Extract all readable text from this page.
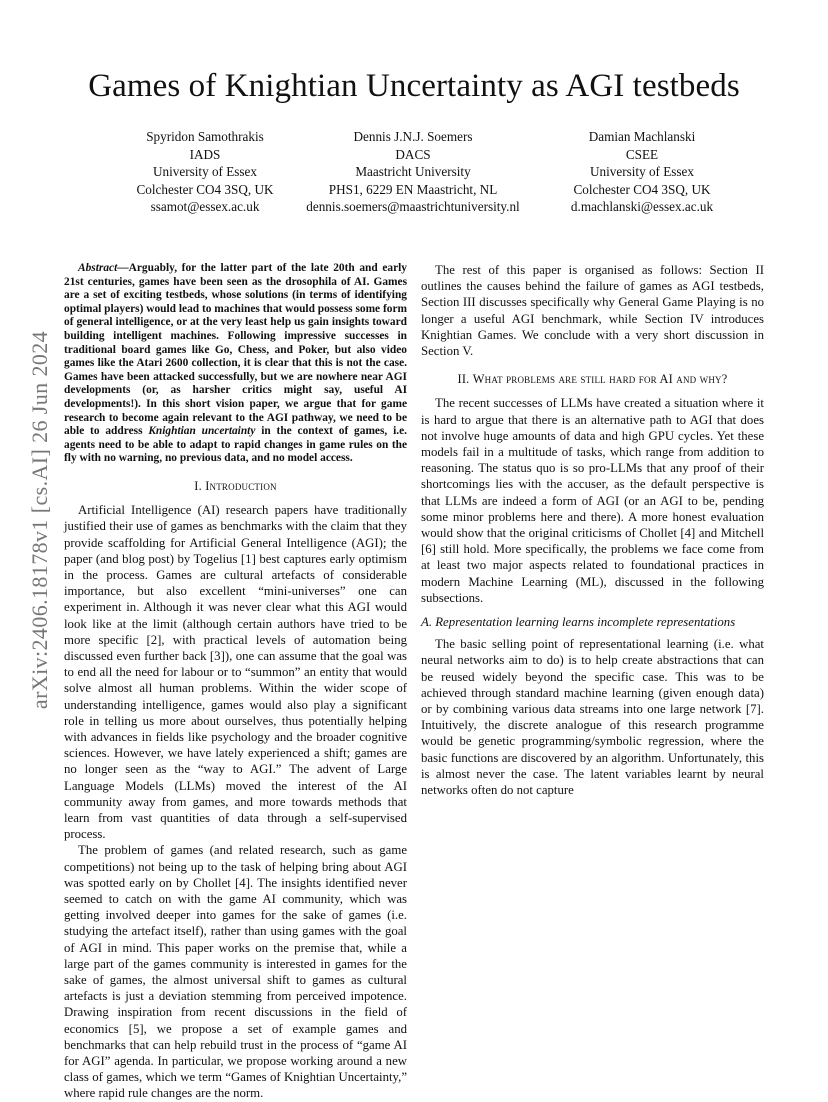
arXiv:2406.18178v1 [cs.AI] 26 Jun 2024
Games of Knightian Uncertainty as AGI testbeds
Spyridon Samothrakis
IADS
University of Essex
Colchester CO4 3SQ, UK
ssamot@essex.ac.uk
Dennis J.N.J. Soemers
DACS
Maastricht University
PHS1, 6229 EN Maastricht, NL
dennis.soemers@maastrichtuniversity.nl
Damian Machlanski
CSEE
University of Essex
Colchester CO4 3SQ, UK
d.machlanski@essex.ac.uk

Abstract—Arguably, for the latter part of the late 20th and early 21st centuries, games have been seen as the drosophila of AI. Games are a set of exciting testbeds, whose solutions (in terms of identifying optimal players) would lead to machines that would possess some form of general intelligence, or at the very least help us gain insights toward building intelligent machines. Following impressive successes in traditional board games like Go, Chess, and Poker, but also video games like the Atari 2600 collection, it is clear that this is not the case. Games have been attacked successfully, but we are nowhere near AGI developments (or, as harsher critics might say, useful AI developments!). In this short vision paper, we argue that for game research to become again relevant to the AGI pathway, we need to be able to address Knightian uncertainty in the context of games, i.e. agents need to be able to adapt to rapid changes in game rules on the fly with no warning, no previous data, and no model access.

I. Introduction

Artificial Intelligence (AI) research papers have traditionally justified their use of games as benchmarks with the claim that they provide scaffolding for Artificial General Intelligence (AGI); the paper (and blog post) by Togelius [1] best captures early optimism in the process. Games are cultural artefacts of considerable importance, but also excellent “mini-universes” one can experiment in. Although it was never clear what this AGI would look like at the limit (although certain authors have tried to be more specific [2], with practical levels of automation being discussed even further back [3]), one can assume that the goal was to end all the need for labour or to “summon” an entity that would solve almost all human problems. Within the wider scope of understanding intelligence, games would also play a significant role in telling us more about ourselves, thus potentially helping with advances in fields like psychology and the broader cognitive sciences. However, we have lately experienced a shift; games are no longer seen as the “way to AGI.” The advent of Large Language Models (LLMs) moved the interest of the AI community away from games, and more towards methods that learn from vast quantities of data through a self-supervised process.

The problem of games (and related research, such as game competitions) not being up to the task of helping bring about AGI was spotted early on by Chollet [4]. The insights identified never seemed to catch on with the game AI community, which was getting involved deeper into games for the sake of games (i.e. studying the artefact itself), rather than using games with the goal of AGI in mind. This paper works on the premise that, while a large part of the games community is interested in games for the sake of games, the almost universal shift to games as cultural artefacts is just a deviation stemming from perceived impotence. Drawing inspiration from recent discussions in the field of economics [5], we propose a set of example games and benchmarks that can help rebuild trust in the process of “game AI for AGI” agenda. In particular, we propose working around a new class of games, which we term “Games of Knightian Uncertainty,” where rapid rule changes are the norm.

The rest of this paper is organised as follows: Section II outlines the causes behind the failure of games as AGI testbeds, Section III discusses specifically why General Game Playing is no longer a useful AGI benchmark, while Section IV introduces Knightian Games. We conclude with a very short discussion in Section V.

II. What problems are still hard for AI and why?

The recent successes of LLMs have created a situation where it is hard to argue that there is an alternative path to AGI that does not involve huge amounts of data and high GPU cycles. Yet these models fail in a multitude of tasks, which range from addition to reasoning. The status quo is so pro-LLMs that any proof of their shortcomings lies with the accuser, as the default perspective is that LLMs are indeed a form of AGI (or an AGI to be, pending some minor problems here and there). A more honest evaluation would show that the original criticisms of Chollet [4] and Mitchell [6] still hold. More specifically, the problems we face come from at least two major aspects related to foundational practices in modern Machine Learning (ML), discussed in the following subsections.

A. Representation learning learns incomplete representations

The basic selling point of representational learning (i.e. what neural networks aim to do) is to help create abstractions that can be reused widely beyond the specific case. This was to be achieved through standard machine learning (given enough data) or by combining various data streams into one large network [7]. Intuitively, the discrete analogue of this research programme would be genetic programming/symbolic regression, where the basic functions are discovered by an algorithm. Unfortunately, this is almost never the case. The latent variables learnt by neural networks often do not capture
